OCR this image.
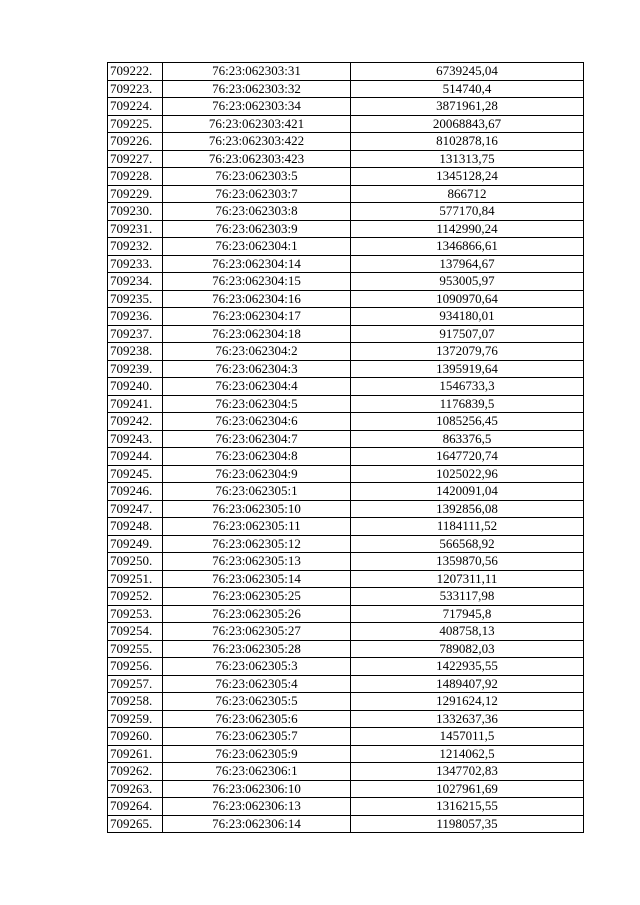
709222.	76:23:062303:31	6739245,04
709223.	76:23:062303:32	514740,4
709224.	76:23:062303:34	3871961,28
709225.	76:23:062303:421	20068843,67
709226.	76:23:062303:422	8102878,16
709227.	76:23:062303:423	131313,75
709228.	76:23:062303:5	1345128,24
709229.	76:23:062303:7	866712
709230.	76:23:062303:8	577170,84
709231.	76:23:062303:9	1142990,24
709232.	76:23:062304:1	1346866,61
709233.	76:23:062304:14	137964,67
709234.	76:23:062304:15	953005,97
709235.	76:23:062304:16	1090970,64
709236.	76:23:062304:17	934180,01
709237.	76:23:062304:18	917507,07
709238.	76:23:062304:2	1372079,76
709239.	76:23:062304:3	1395919,64
709240.	76:23:062304:4	1546733,3
709241.	76:23:062304:5	1176839,5
709242.	76:23:062304:6	1085256,45
709243.	76:23:062304:7	863376,5
709244.	76:23:062304:8	1647720,74
709245.	76:23:062304:9	1025022,96
709246.	76:23:062305:1	1420091,04
709247.	76:23:062305:10	1392856,08
709248.	76:23:062305:11	1184111,52
709249.	76:23:062305:12	566568,92
709250.	76:23:062305:13	1359870,56
709251.	76:23:062305:14	1207311,11
709252.	76:23:062305:25	533117,98
709253.	76:23:062305:26	717945,8
709254.	76:23:062305:27	408758,13
709255.	76:23:062305:28	789082,03
709256.	76:23:062305:3	1422935,55
709257.	76:23:062305:4	1489407,92
709258.	76:23:062305:5	1291624,12
709259.	76:23:062305:6	1332637,36
709260.	76:23:062305:7	1457011,5
709261.	76:23:062305:9	1214062,5
709262.	76:23:062306:1	1347702,83
709263.	76:23:062306:10	1027961,69
709264.	76:23:062306:13	1316215,55
709265.	76:23:062306:14	1198057,35
